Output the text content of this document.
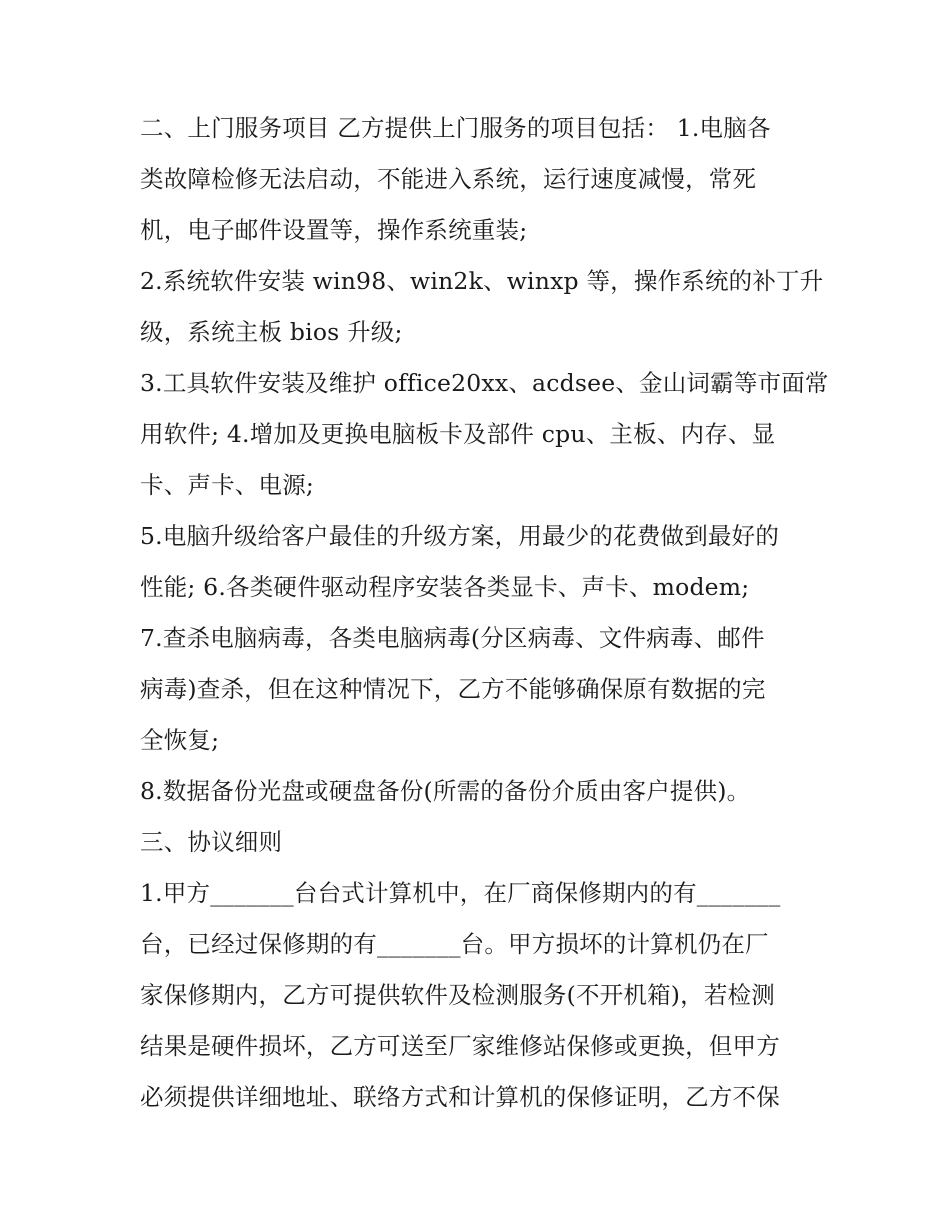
二、上门服务项目 乙方提供上门服务的项目包括： 1.电脑各
类故障检修无法启动，不能进入系统，运行速度减慢，常死
机，电子邮件设置等，操作系统重装;
2.系统软件安装 win98、win2k、winxp 等，操作系统的补丁升
级，系统主板 bios 升级;
3.工具软件安装及维护 office20xx、acdsee、金山词霸等市面常
用软件; 4.增加及更换电脑板卡及部件 cpu、主板、内存、显
卡、声卡、电源;
5.电脑升级给客户最佳的升级方案，用最少的花费做到最好的
性能; 6.各类硬件驱动程序安装各类显卡、声卡、modem;
7.查杀电脑病毒，各类电脑病毒(分区病毒、文件病毒、邮件
病毒)查杀，但在这种情况下，乙方不能够确保原有数据的完
全恢复;
8.数据备份光盘或硬盘备份(所需的备份介质由客户提供)。
三、协议细则
1.甲方_______台台式计算机中，在厂商保修期内的有_______
台，已经过保修期的有_______台。甲方损坏的计算机仍在厂
家保修期内，乙方可提供软件及检测服务(不开机箱)，若检测
结果是硬件损坏，乙方可送至厂家维修站保修或更换，但甲方
必须提供详细地址、联络方式和计算机的保修证明，乙方不保
